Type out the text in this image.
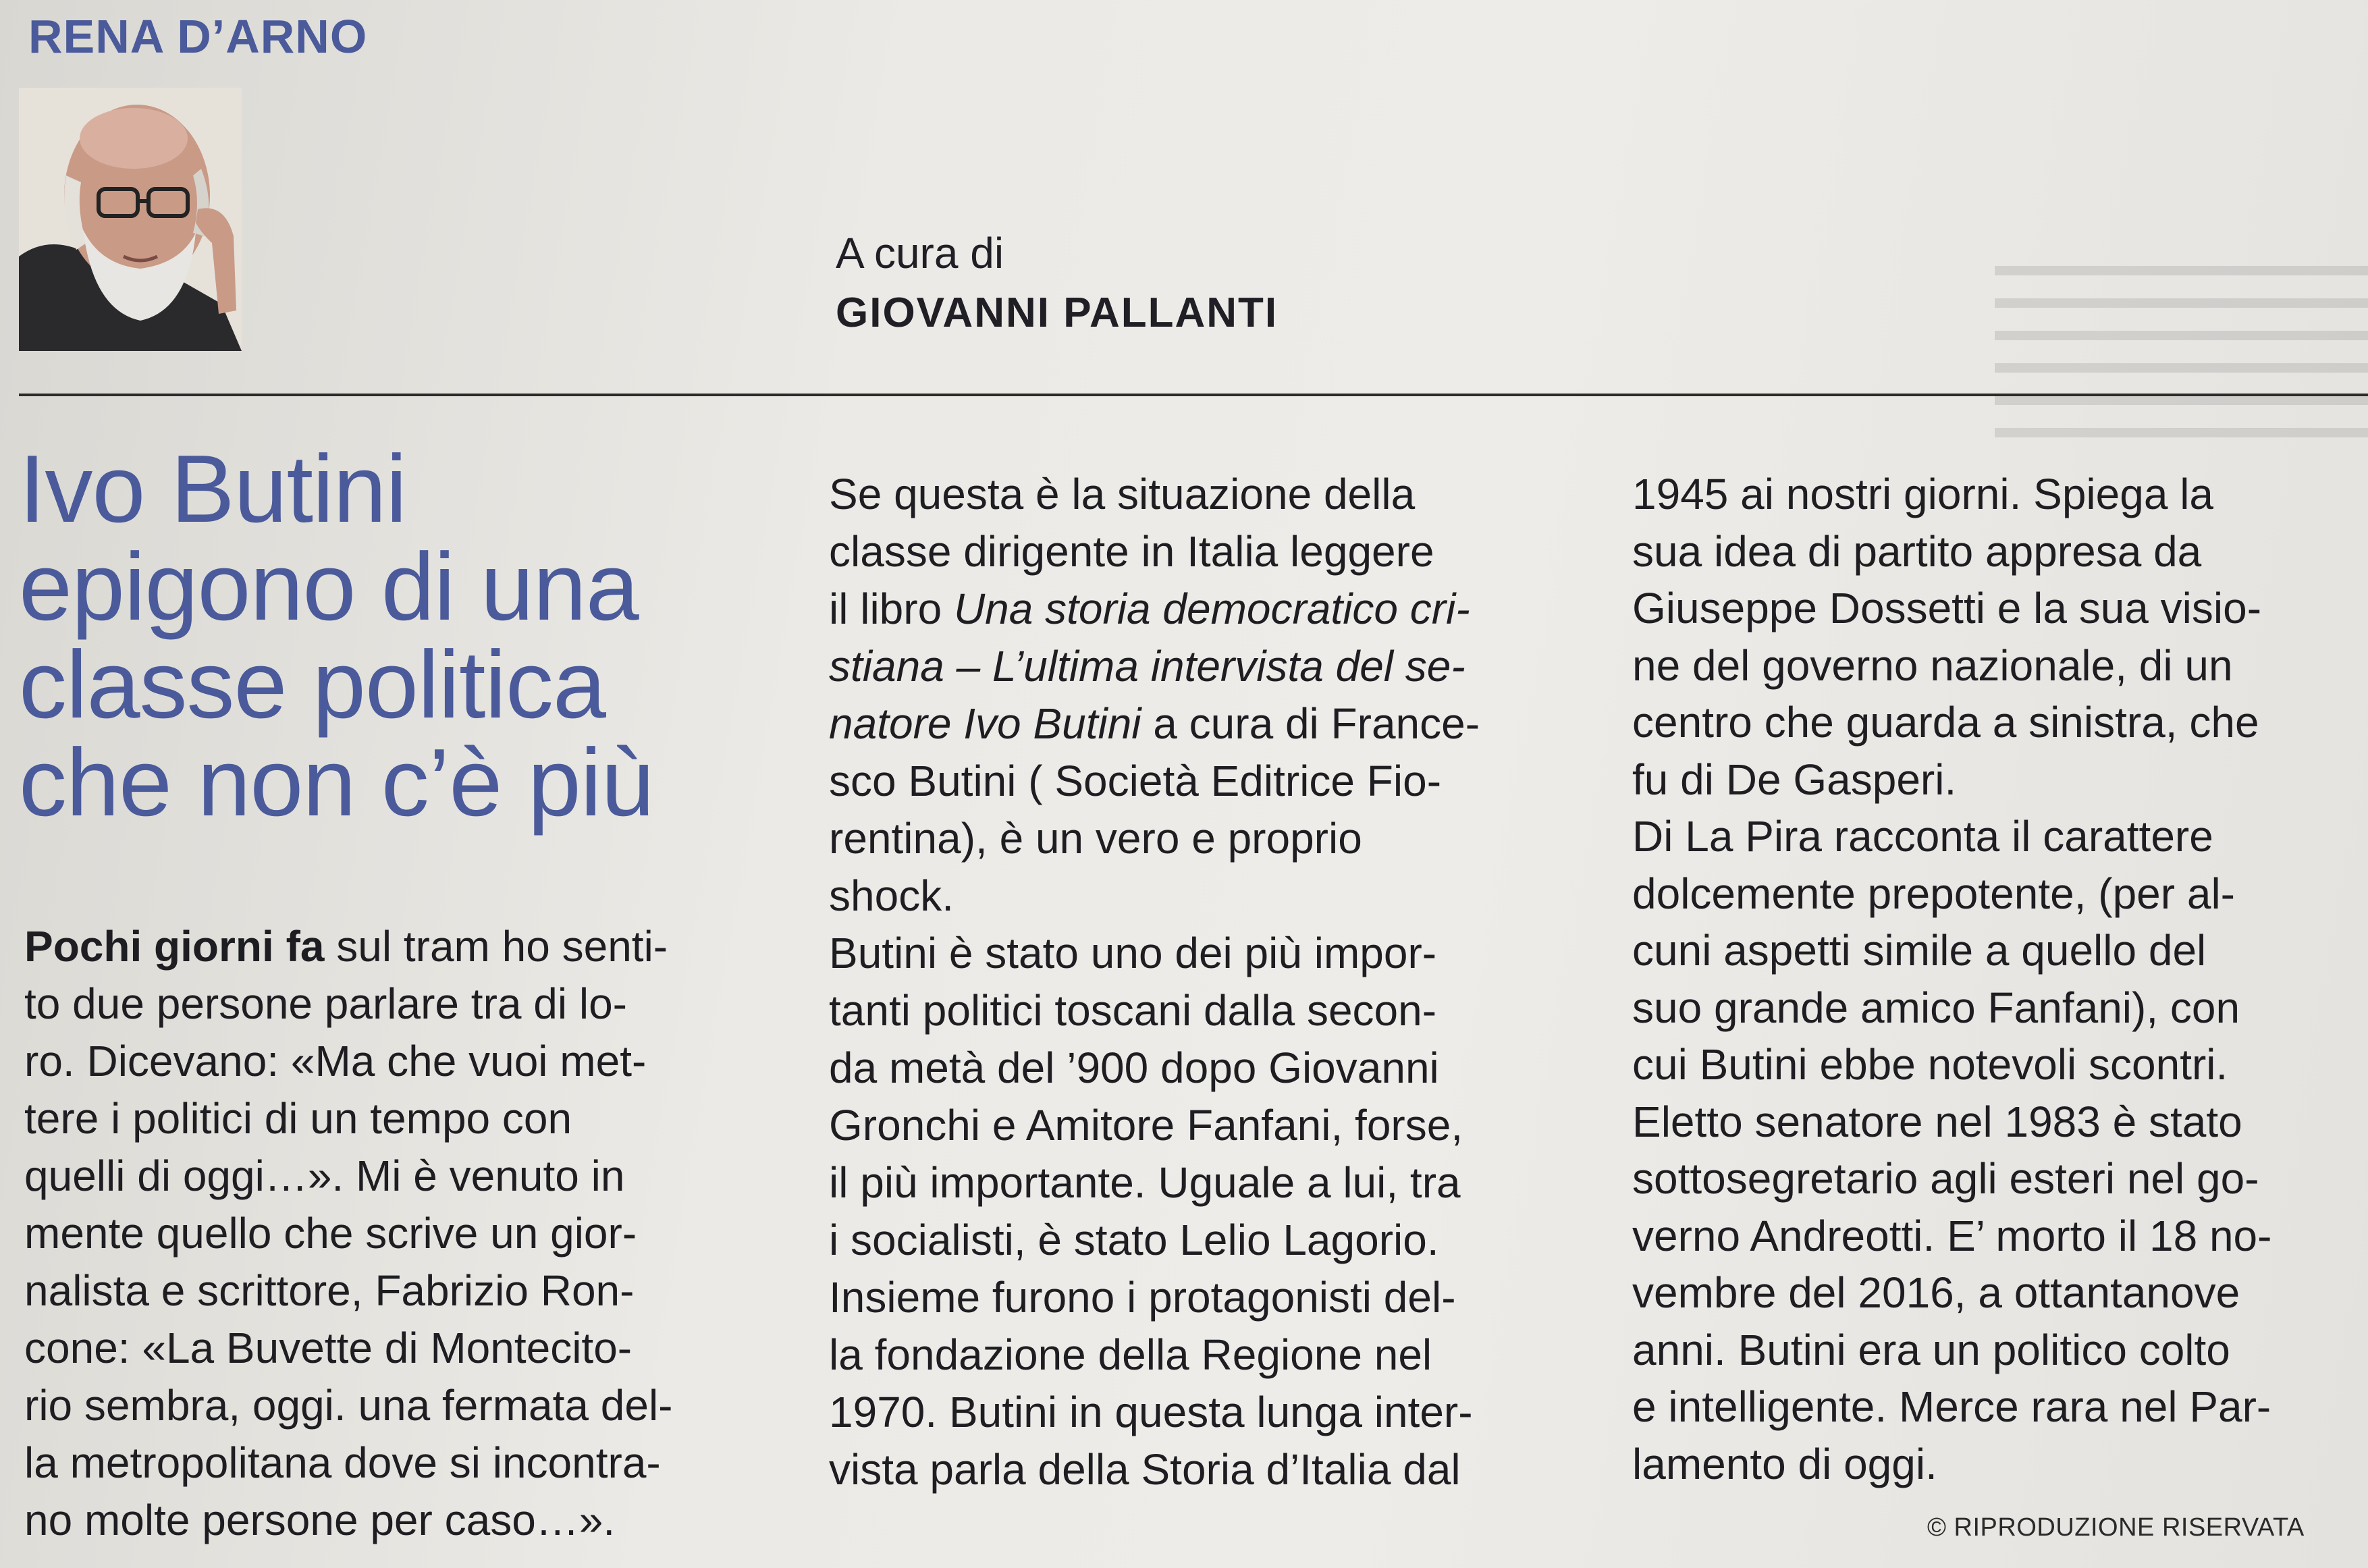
RENA D’ARNO
A cura di
GIOVANNI PALLANTI
Ivo Butini
epigono di una
classe politica
che non c’è più
Pochi giorni fa sul tram ho senti-
to due persone parlare tra di lo-
ro. Dicevano: «Ma che vuoi met-
tere i politici di un tempo con
quelli di oggi…». Mi è venuto in
mente quello che scrive un gior-
nalista e scrittore, Fabrizio Ron-
cone: «La Buvette di Montecito-
rio sembra, oggi. una fermata del-
la metropolitana dove si incontra-
no molte persone per caso…».
Se questa è la situazione della
classe dirigente in Italia leggere
il libro Una storia democratico cri-
stiana – L’ultima intervista del se-
natore Ivo Butini a cura di France-
sco Butini ( Società Editrice Fio-
rentina), è un vero e proprio
shock.
Butini è stato uno dei più impor-
tanti politici toscani dalla secon-
da metà del ’900 dopo Giovanni
Gronchi e Amitore Fanfani, forse,
il più importante. Uguale a lui, tra
i socialisti, è stato Lelio Lagorio.
Insieme furono i protagonisti del-
la fondazione della Regione nel
1970. Butini in questa lunga inter-
vista parla della Storia d’Italia dal
1945 ai nostri giorni. Spiega la
sua idea di partito appresa da
Giuseppe Dossetti e la sua visio-
ne del governo nazionale, di un
centro che guarda a sinistra, che
fu di De Gasperi.
Di La Pira racconta il carattere
dolcemente prepotente, (per al-
cuni aspetti simile a quello del
suo grande amico Fanfani), con
cui Butini ebbe notevoli scontri.
Eletto senatore nel 1983 è stato
sottosegretario agli esteri nel go-
verno Andreotti. E’ morto il 18 no-
vembre del 2016, a ottantanove
anni. Butini era un politico colto
e intelligente. Merce rara nel Par-
lamento di oggi.
© RIPRODUZIONE RISERVATA
